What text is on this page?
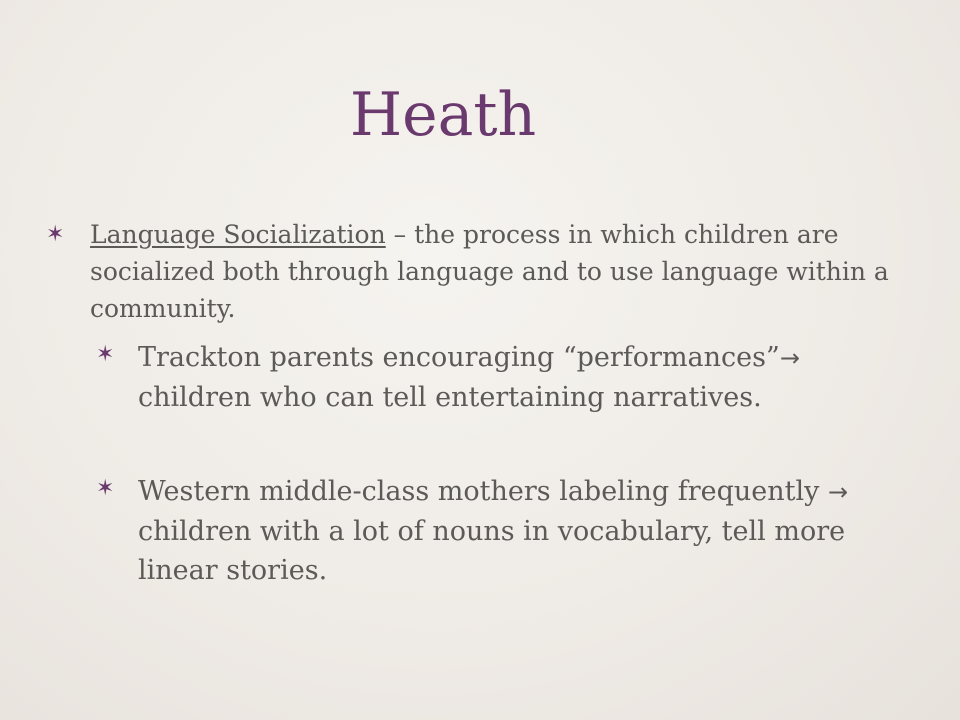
Heath
✶ Language Socialization – the process in which children are socialized both through language and to use language within a community.

✶ Trackton parents encouraging “performances”→ children who can tell entertaining narratives.

✶ Western middle-class mothers labeling frequently → children with a lot of nouns in vocabulary, tell more linear stories.
